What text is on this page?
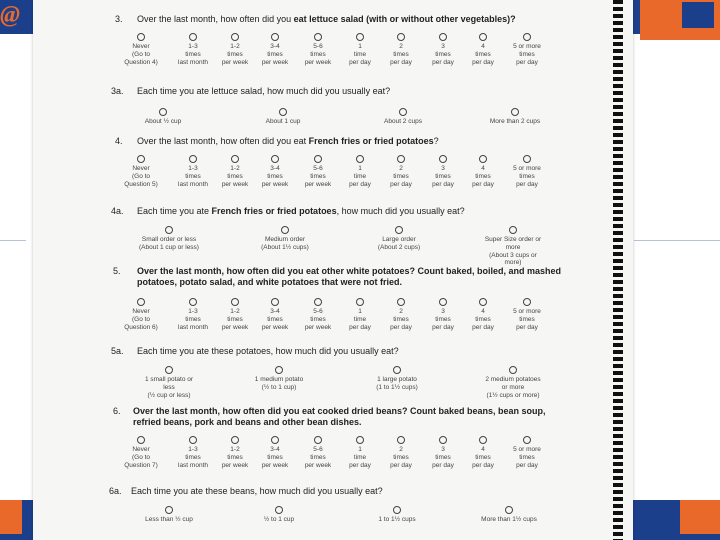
@	3. Over the last month, how often did you eat lettuce salad (with or without other vegetables)?
Never
(Go to
Question 4)
1-3
times
last month
1-2
times
per week
3-4
times
per week
5-6
times
per week
1
time
per day
2
times
per day
3
times
per day
4
times
per day
5 or more
times
per day
3a. Each time you ate lettuce salad, how much did you usually eat?
About ½ cup	About 1 cup	About 2 cups	More than 2 cups
4. Over the last month, how often did you eat French fries or fried potatoes?
Never
(Go to
Question 5)
1-3
times
last month
1-2
times
per week
3-4
times
per week
5-6
times
per week
1
time
per day
2
times
per day
3
times
per day
4
times
per day
5 or more
times
per day
4a. Each time you ate French fries or fried potatoes, how much did you usually eat?
Small order or less
(About 1 cup or less)
Medium order
(About 1½ cups)
Large order
(About 2 cups)
Super Size order or more
(About 3 cups or more)
5. Over the last month, how often did you eat other white potatoes? Count baked, boiled, and mashed
potatoes, potato salad, and white potatoes that were not fried.
Never
(Go to
Question 6)
1-3
times
last month
1-2
times
per week
3-4
times
per week
5-6
times
per week
1
time
per day
2
times
per day
3
times
per day
4
times
per day
5 or more
times
per day
5a. Each time you ate these potatoes, how much did you usually eat?
1 small potato or less
(½ cup or less)
1 medium potato
(½ to 1 cup)
1 large potato
(1 to 1½ cups)
2 medium potatoes or more
(1½ cups or more)
6. Over the last month, how often did you eat cooked dried beans? Count baked beans, bean soup,
refried beans, pork and beans and other bean dishes.
Never
(Go to
Question 7)
1-3
times
last month
1-2
times
per week
3-4
times
per week
5-6
times
per week
1
time
per day
2
times
per day
3
times
per day
4
times
per day
5 or more
times
per day
6a. Each time you ate these beans, how much did you usually eat?
Less than ½ cup	½ to 1 cup	1 to 1½ cups	More than 1½ cups
